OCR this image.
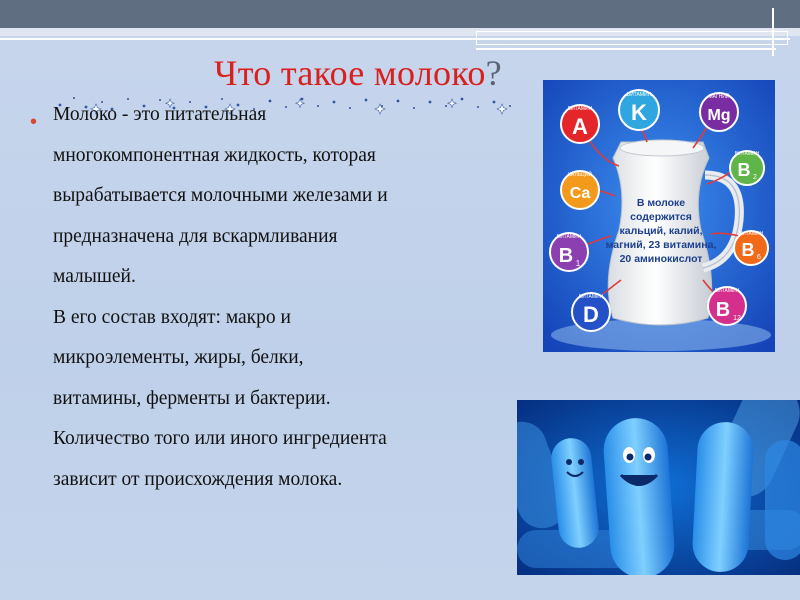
Что такое молоко?
• Молоко - это питательная
многокомпонентная жидкость, которая
вырабатывается молочными железами и
предназначена для вскармливания
малышей.
В его состав входят: макро и
микроэлементы, жиры, белки,
витамины, ферменты и бактерии.
Количество того или иного ингредиента
зависит от происхождения молока.
В молоке
содержится
кальций, калий,
магний, 23 витамина,
20 аминокислот
ВИТАМИН
A
ВИТАМИН
K
МАГНИЙ
Mg
КАЛЬЦИЙ
Ca
ВИТАМИН
B 2
ВИТАМИН
B 1
ВИТАМИН
B 6
ВИТАМИН
D
ВИТАМИН
B 12
